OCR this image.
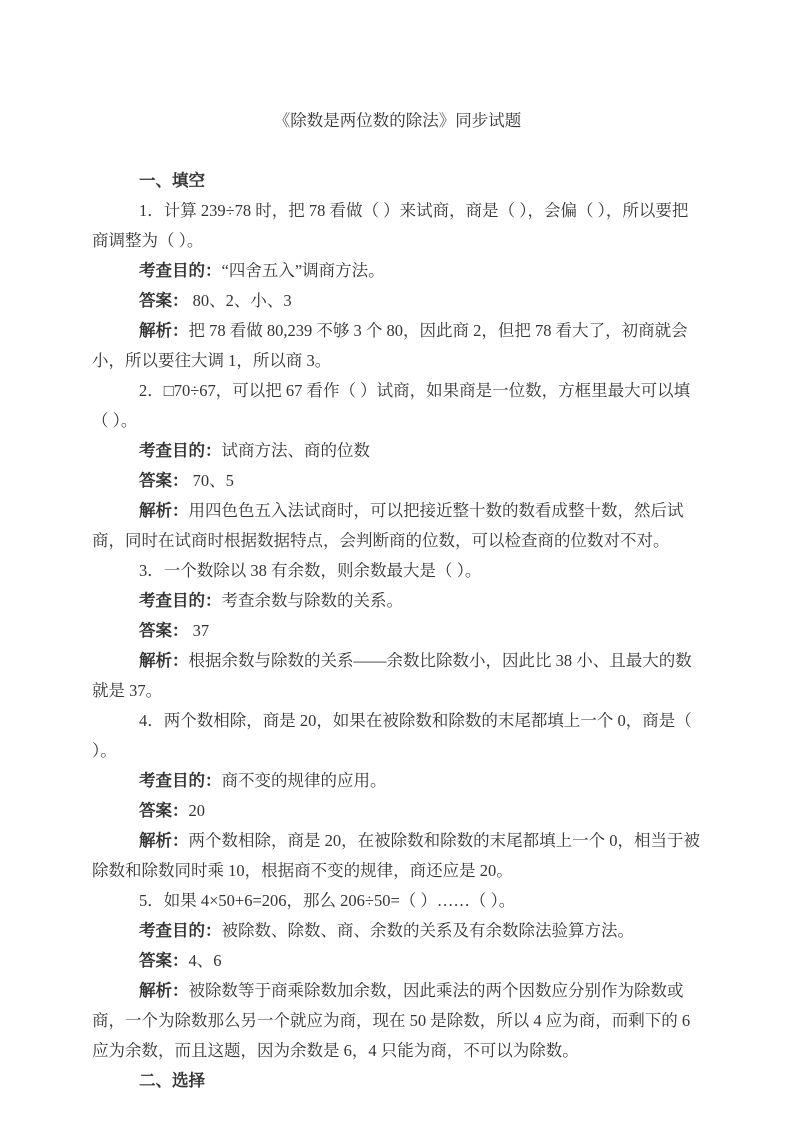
《除数是两位数的除法》同步试题

一、填空

1．计算 239÷78 时，把 78 看做（ ）来试商，商是（ ），会偏（ ），所以要把商调整为（ ）。

考查目的：“四舍五入”调商方法。

答案： 80、2、小、3

解析：把 78 看做 80,239 不够 3 个 80，因此商 2，但把 78 看大了，初商就会小，所以要往大调 1，所以商 3。

2．□70÷67，可以把 67 看作（ ）试商，如果商是一位数，方框里最大可以填（ ）。

考查目的：试商方法、商的位数

答案： 70、5

解析：用四色色五入法试商时，可以把接近整十数的数看成整十数，然后试商，同时在试商时根据数据特点，会判断商的位数，可以检查商的位数对不对。

3．一个数除以 38 有余数，则余数最大是（ ）。

考查目的：考查余数与除数的关系。

答案： 37

解析：根据余数与除数的关系——余数比除数小，因此比 38 小、且最大的数就是 37。

4．两个数相除，商是 20，如果在被除数和除数的末尾都填上一个 0，商是（ ）。

考查目的：商不变的规律的应用。

答案：20

解析：两个数相除，商是 20，在被除数和除数的末尾都填上一个 0，相当于被除数和除数同时乘 10，根据商不变的规律，商还应是 20。

5．如果 4×50+6=206，那么 206÷50=（ ）……（ ）。

考查目的：被除数、除数、商、余数的关系及有余数除法验算方法。

答案：4、6

解析：被除数等于商乘除数加余数，因此乘法的两个因数应分别作为除数或商，一个为除数那么另一个就应为商，现在 50 是除数，所以 4 应为商，而剩下的 6 应为余数，而且这题，因为余数是 6，4 只能为商，不可以为除数。

二、选择
